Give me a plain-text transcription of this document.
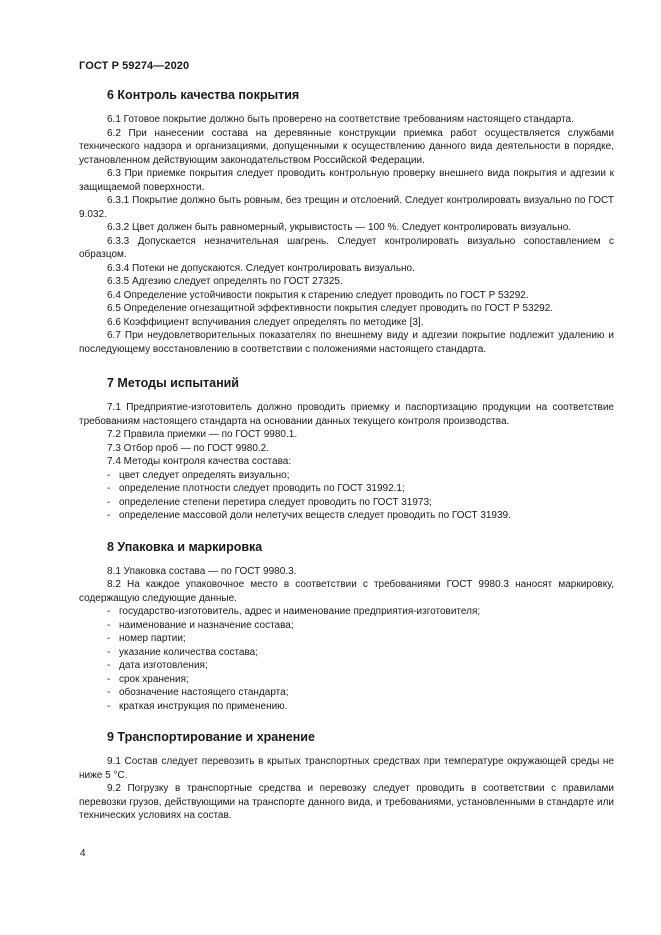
ГОСТ Р 59274—2020
6 Контроль качества покрытия

6.1 Готовое покрытие должно быть проверено на соответствие требованиям настоящего стандарта.

6.2 При нанесении состава на деревянные конструкции приемка работ осуществляется службами технического надзора и организациями, допущенными к осуществлению данного вида деятельности в порядке, установленном действующим законодательством Российской Федерации.

6.3 При приемке покрытия следует проводить контрольную проверку внешнего вида покрытия и адгезии к защищаемой поверхности.

6.3.1 Покрытие должно быть ровным, без трещин и отслоений. Следует контролировать визуально по ГОСТ 9.032.

6.3.2 Цвет должен быть равномерный, укрывистость — 100 %. Следует контролировать визуально.

6.3.3 Допускается незначительная шагрень. Следует контролировать визуально сопоставлением с образцом.

6.3.4 Потеки не допускаются. Следует контролировать визуально.

6.3.5 Адгезию следует определять по ГОСТ 27325.

6.4 Определение устойчивости покрытия к старению следует проводить по ГОСТ Р 53292.

6.5 Определение огнезащитной эффективности покрытия следует проводить по ГОСТ Р 53292.

6.6 Коэффициент вспучивания следует определять по методике [3].

6.7 При неудовлетворительных показателях по внешнему виду и адгезии покрытие подлежит удалению и последующему восстановлению в соответствии с положениями настоящего стандарта.

7 Методы испытаний

7.1 Предприятие-изготовитель должно проводить приемку и паспортизацию продукции на соответствие требованиям настоящего стандарта на основании данных текущего контроля производства.

7.2 Правила приемки — по ГОСТ 9980.1.

7.3 Отбор проб — по ГОСТ 9980.2.

7.4 Методы контроля качества состава:

- цвет следует определять визуально;
- определение плотности следует проводить по ГОСТ 31992.1;
- определение степени перетира следует проводить по ГОСТ 31973;
- определение массовой доли нелетучих веществ следует проводить по ГОСТ 31939.
8 Упаковка и маркировка

8.1 Упаковка состава — по ГОСТ 9980.3.

8.2 На каждое упаковочное место в соответствии с требованиями ГОСТ 9980.3 наносят маркировку, содержащую следующие данные.

- государство-изготовитель, адрес и наименование предприятия-изготовителя;
- наименование и назначение состава;
- номер партии;
- указание количества состава;
- дата изготовления;
- срок хранения;
- обозначение настоящего стандарта;
- краткая инструкция по применению.
9 Транспортирование и хранение

9.1 Состав следует перевозить в крытых транспортных средствах при температуре окружающей среды не ниже 5 °С.

9.2 Погрузку в транспортные средства и перевозку следует проводить в соответствии с правилами перевозки грузов, действующими на транспорте данного вида, и требованиями, установленными в стандарте или технических условиях на состав.

4
